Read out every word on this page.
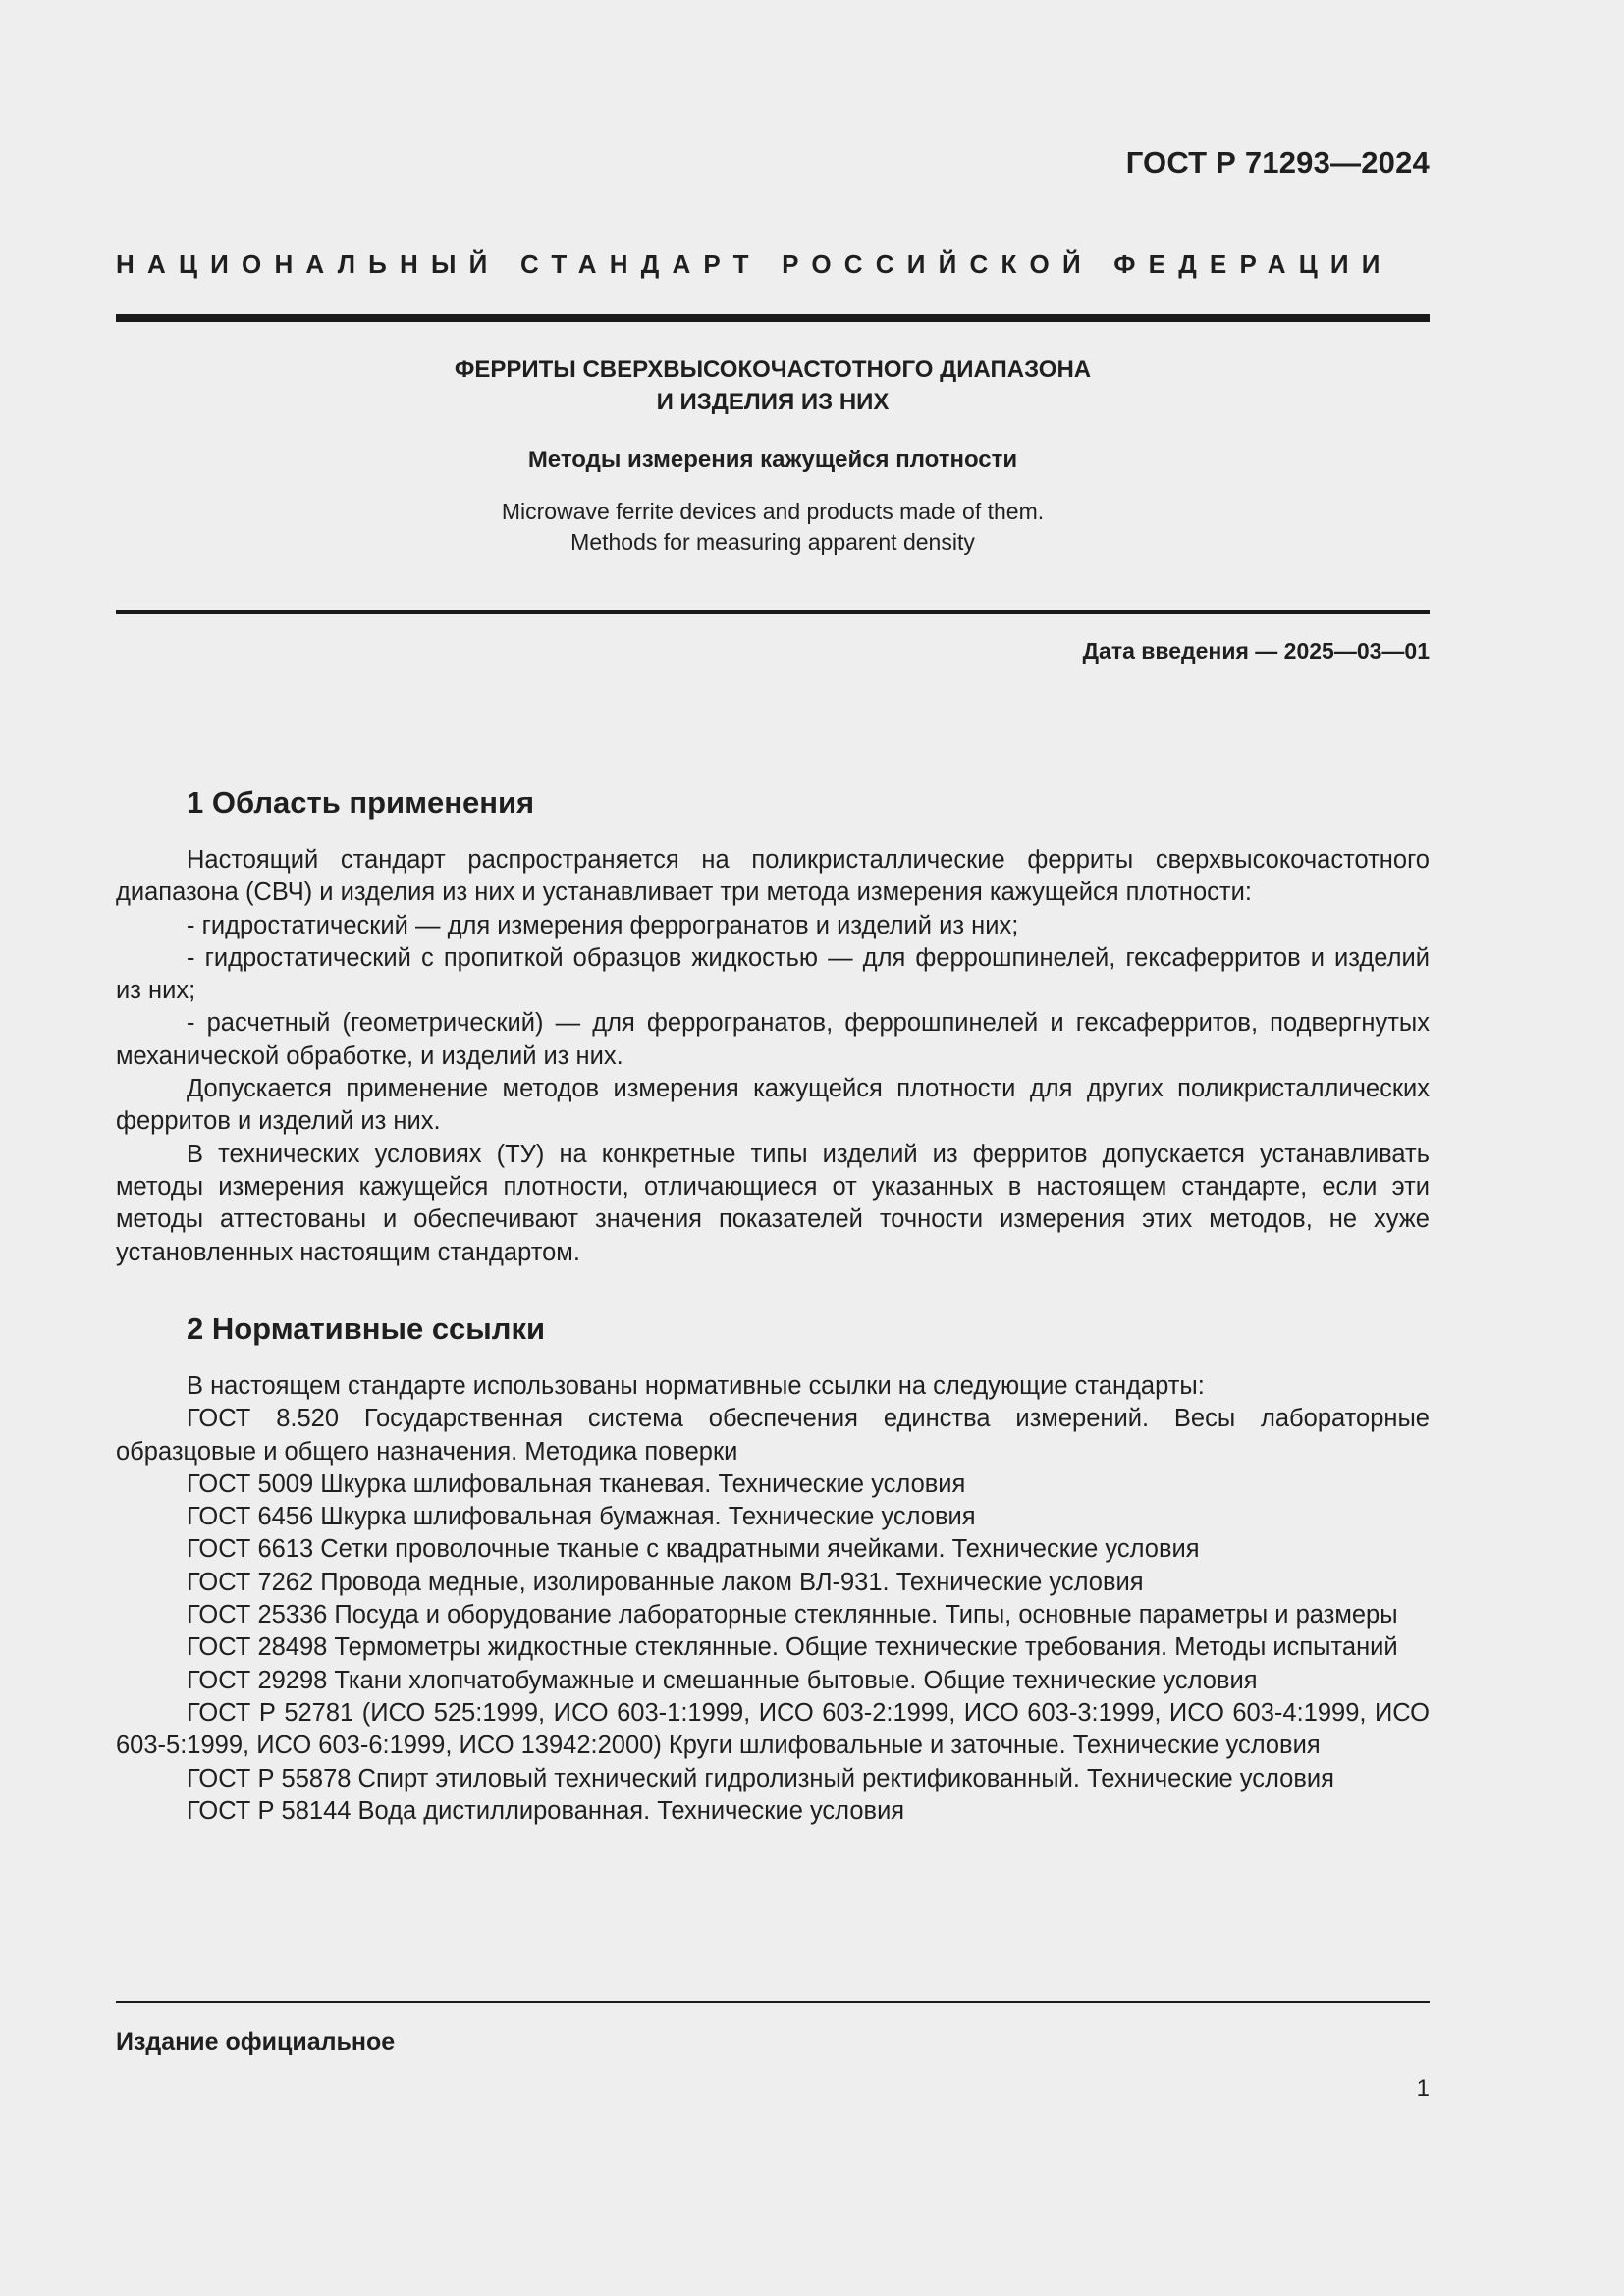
ГОСТ Р 71293—2024
НАЦИОНАЛЬНЫЙ СТАНДАРТ РОССИЙСКОЙ ФЕДЕРАЦИИ
ФЕРРИТЫ СВЕРХВЫСОКОЧАСТОТНОГО ДИАПАЗОНА
И ИЗДЕЛИЯ ИЗ НИХ
Методы измерения кажущейся плотности
Microwave ferrite devices and products made of them.
Methods for measuring apparent density
Дата введения — 2025—03—01
1 Область применения

Настоящий стандарт распространяется на поликристаллические ферриты сверхвысокочастотного диапазона (СВЧ) и изделия из них и устанавливает три метода измерения кажущейся плотности:

- гидростатический — для измерения феррогранатов и изделий из них;

- гидростатический с пропиткой образцов жидкостью — для феррошпинелей, гексаферритов и изделий из них;

- расчетный (геометрический) — для феррогранатов, феррошпинелей и гексаферритов, подвергнутых механической обработке, и изделий из них.

Допускается применение методов измерения кажущейся плотности для других поликристаллических ферритов и изделий из них.

В технических условиях (ТУ) на конкретные типы изделий из ферритов допускается устанавливать методы измерения кажущейся плотности, отличающиеся от указанных в настоящем стандарте, если эти методы аттестованы и обеспечивают значения показателей точности измерения этих методов, не хуже установленных настоящим стандартом.

2 Нормативные ссылки

В настоящем стандарте использованы нормативные ссылки на следующие стандарты:

ГОСТ 8.520 Государственная система обеспечения единства измерений. Весы лабораторные образцовые и общего назначения. Методика поверки

ГОСТ 5009 Шкурка шлифовальная тканевая. Технические условия

ГОСТ 6456 Шкурка шлифовальная бумажная. Технические условия

ГОСТ 6613 Сетки проволочные тканые с квадратными ячейками. Технические условия

ГОСТ 7262 Провода медные, изолированные лаком ВЛ-931. Технические условия

ГОСТ 25336 Посуда и оборудование лабораторные стеклянные. Типы, основные параметры и размеры

ГОСТ 28498 Термометры жидкостные стеклянные. Общие технические требования. Методы испытаний

ГОСТ 29298 Ткани хлопчатобумажные и смешанные бытовые. Общие технические условия

ГОСТ Р 52781 (ИСО 525:1999, ИСО 603-1:1999, ИСО 603-2:1999, ИСО 603-3:1999, ИСО 603-4:1999, ИСО 603-5:1999, ИСО 603-6:1999, ИСО 13942:2000) Круги шлифовальные и заточные. Технические условия

ГОСТ Р 55878 Спирт этиловый технический гидролизный ректификованный. Технические условия

ГОСТ Р 58144 Вода дистиллированная. Технические условия

Издание официальное
1
